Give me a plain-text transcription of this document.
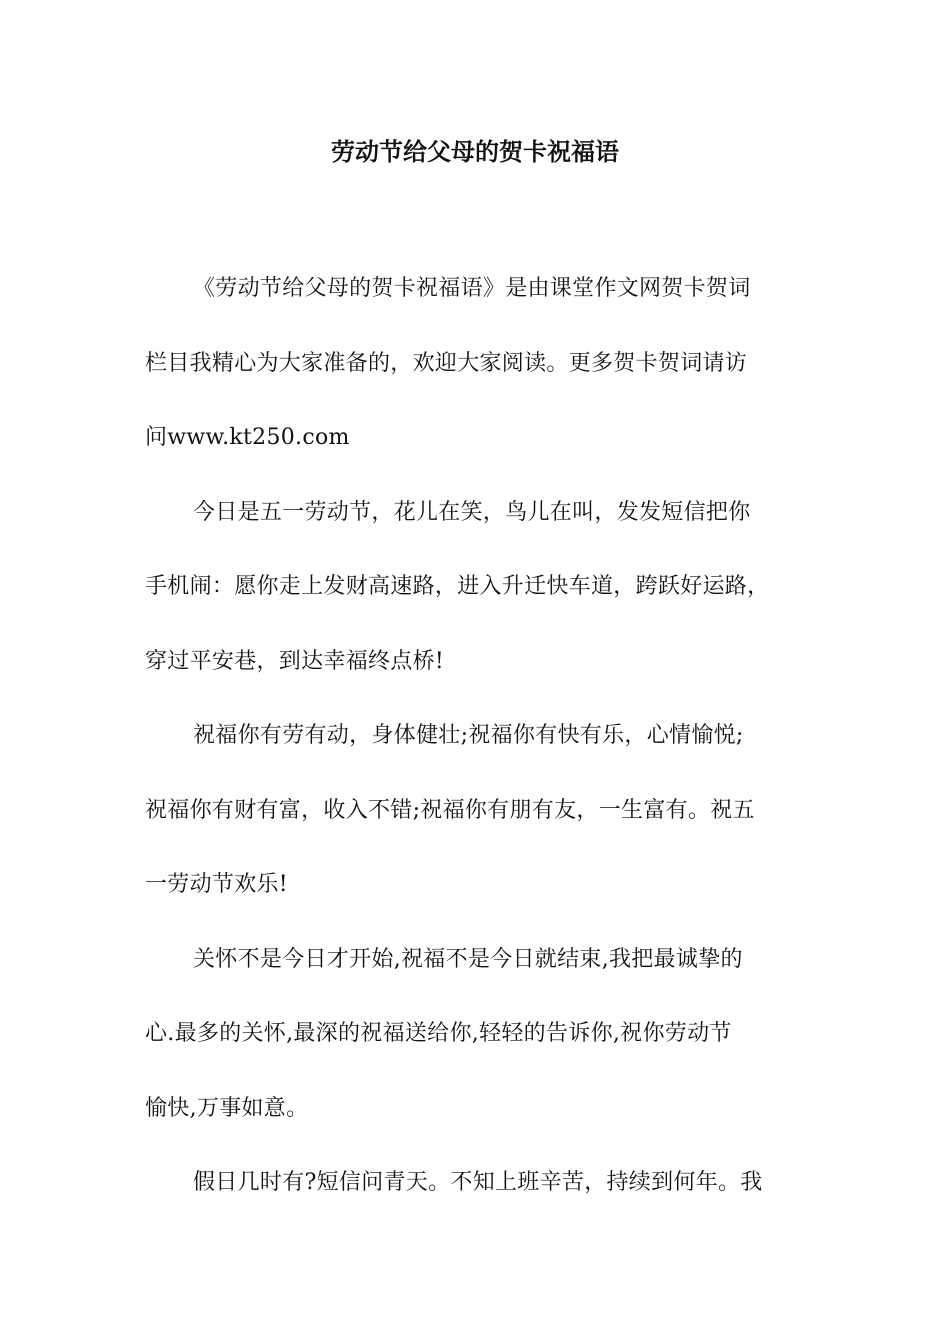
劳动节给父母的贺卡祝福语

《劳动节给父母的贺卡祝福语》是由课堂作文网贺卡贺词
栏目我精心为大家准备的，欢迎大家阅读。更多贺卡贺词请访
问www.kt250.com

今日是五一劳动节，花儿在笑，鸟儿在叫，发发短信把你
手机闹：愿你走上发财高速路，进入升迁快车道，跨跃好运路，
穿过平安巷，到达幸福终点桥!

祝福你有劳有动，身体健壮;祝福你有快有乐，心情愉悦;
祝福你有财有富，收入不错;祝福你有朋有友，一生富有。祝五
一劳动节欢乐!

关怀不是今日才开始,祝福不是今日就结束,我把最诚挚的
心.最多的关怀,最深的祝福送给你,轻轻的告诉你,祝你劳动节
愉快,万事如意。

假日几时有?短信问青天。不知上班辛苦，持续到何年。我
